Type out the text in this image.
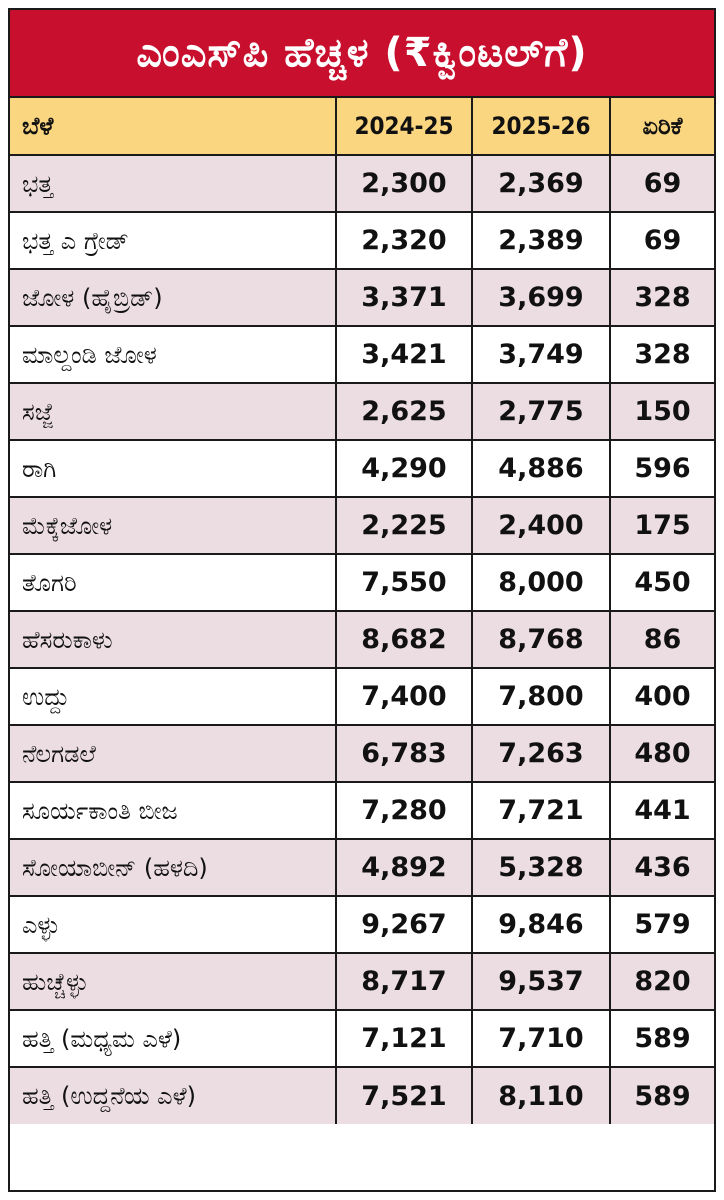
ಎಂಎಸ್‌ಪಿ ಹೆಚ್ಚಳ (₹ಕ್ವಿಂಟಲ್‌ಗೆ)
ಬೆಳೆ	2024-25	2025-26	ಏರಿಕೆ
ಭತ್ತ	2,300	2,369	69
ಭತ್ತ ಎ ಗ್ರೇಡ್	2,320	2,389	69
ಜೋಳ (ಹೈಬ್ರಿಡ್)	3,371	3,699	328
ಮಾಲ್ದಂಡಿ ಜೋಳ	3,421	3,749	328
ಸಜ್ಜೆ	2,625	2,775	150
ರಾಗಿ	4,290	4,886	596
ಮೆಕ್ಕೆಜೋಳ	2,225	2,400	175
ತೊಗರಿ	7,550	8,000	450
ಹೆಸರುಕಾಳು	8,682	8,768	86
ಉದ್ದು	7,400	7,800	400
ನೆಲಗಡಲೆ	6,783	7,263	480
ಸೂರ್ಯಕಾಂತಿ ಬೀಜ	7,280	7,721	441
ಸೋಯಾಬೀನ್ (ಹಳದಿ)	4,892	5,328	436
ಎಳ್ಳು	9,267	9,846	579
ಹುಚ್ಚೆಳ್ಳು	8,717	9,537	820
ಹತ್ತಿ (ಮಧ್ಯಮ ಎಳೆ)	7,121	7,710	589
ಹತ್ತಿ (ಉದ್ದನೆಯ ಎಳೆ)	7,521	8,110	589
